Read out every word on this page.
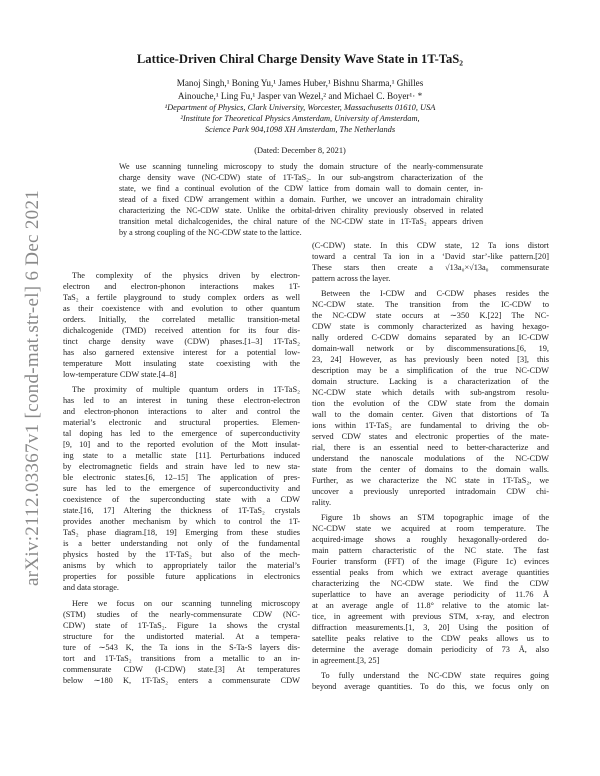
arXiv:2112.03367v1 [cond-mat.str-el] 6 Dec 2021
Lattice-Driven Chiral Charge Density Wave State in 1T-TaS₂
Manoj Singh,¹ Boning Yu,¹ James Huber,¹ Bishnu Sharma,¹ Ghilles
Ainouche,¹ Ling Fu,¹ Jasper van Wezel,² and Michael C. Boyer¹· *
¹Department of Physics, Clark University, Worcester, Massachusetts 01610, USA
²Institute for Theoretical Physics Amsterdam, University of Amsterdam,
Science Park 904,1098 XH Amsterdam, The Netherlands
(Dated: December 8, 2021)
We use scanning tunneling microscopy to study the domain structure of the nearly-commensurate
charge density wave (NC-CDW) state of 1T-TaS₂. In our sub-angstrom characterization of the
state, we find a continual evolution of the CDW lattice from domain wall to domain center, in-
stead of a fixed CDW arrangement within a domain. Further, we uncover an intradomain chirality
characterizing the NC-CDW state. Unlike the orbital-driven chirality previously observed in related
transition metal dichalcogenides, the chiral nature of the NC-CDW state in 1T-TaS₂ appears driven
by a strong coupling of the NC-CDW state to the lattice.
The complexity of the physics driven by electron-
electron and electron-phonon interactions makes 1T-
TaS₂ a fertile playground to study complex orders as well
as their coexistence with and evolution to other quantum
orders. Initially, the correlated metallic transition-metal
dichalcogenide (TMD) received attention for its four dis-
tinct charge density wave (CDW) phases.[1–3] 1T-TaS₂
has also garnered extensive interest for a potential low-
temperature Mott insulating state coexisting with the
low-temperature CDW state.[4–8]
The proximity of multiple quantum orders in 1T-TaS₂
has led to an interest in tuning these electron-electron
and electron-phonon interactions to alter and control the
material’s electronic and structural properties. Elemen-
tal doping has led to the emergence of superconductivity
[9, 10] and to the reported evolution of the Mott insulat-
ing state to a metallic state [11]. Perturbations induced
by electromagnetic fields and strain have led to new sta-
ble electronic states.[6, 12–15] The application of pres-
sure has led to the emergence of superconductivity and
coexistence of the superconducting state with a CDW
state.[16, 17] Altering the thickness of 1T-TaS₂ crystals
provides another mechanism by which to control the 1T-
TaS₂ phase diagram.[18, 19] Emerging from these studies
is a better understanding not only of the fundamental
physics hosted by the 1T-TaS₂ but also of the mech-
anisms by which to appropriately tailor the material’s
properties for possible future applications in electronics
and data storage.
Here we focus on our scanning tunneling microscopy
(STM) studies of the nearly-commensurate CDW (NC-
CDW) state of 1T-TaS₂. Figure 1a shows the crystal
structure for the undistorted material. At a tempera-
ture of ∼543 K, the Ta ions in the S-Ta-S layers dis-
tort and 1T-TaS₂ transitions from a metallic to an in-
commensurate CDW (I-CDW) state.[3] At temperatures
below ∼180 K, 1T-TaS₂ enters a commensurate CDW
(C-CDW) state. In this CDW state, 12 Ta ions distort
toward a central Ta ion in a ‘David star’-like pattern.[20]
These stars then create a √13a₀×√13a₀ commensurate
pattern across the layer.
Between the I-CDW and C-CDW phases resides the
NC-CDW state. The transition from the IC-CDW to
the NC-CDW state occurs at ∼350 K.[22] The NC-
CDW state is commonly characterized as having hexago-
nally ordered C-CDW domains separated by an IC-CDW
domain-wall network or by discommensurations.[6, 19,
23, 24] However, as has previously been noted [3], this
description may be a simplification of the true NC-CDW
domain structure. Lacking is a characterization of the
NC-CDW state which details with sub-angstrom resolu-
tion the evolution of the CDW state from the domain
wall to the domain center. Given that distortions of Ta
ions within 1T-TaS₂ are fundamental to driving the ob-
served CDW states and electronic properties of the mate-
rial, there is an essential need to better-characterize and
understand the nanoscale modulations of the NC-CDW
state from the center of domains to the domain walls.
Further, as we characterize the NC state in 1T-TaS₂, we
uncover a previously unreported intradomain CDW chi-
rality.
Figure 1b shows an STM topographic image of the
NC-CDW state we acquired at room temperature. The
acquired-image shows a roughly hexagonally-ordered do-
main pattern characteristic of the NC state. The fast
Fourier transform (FFT) of the image (Figure 1c) evinces
essential peaks from which we extract average quantities
characterizing the NC-CDW state. We find the CDW
superlattice to have an average periodicity of 11.76 Å
at an average angle of 11.8° relative to the atomic lat-
tice, in agreement with previous STM, x-ray, and electron
diffraction measurements.[1, 3, 20] Using the position of
satellite peaks relative to the CDW peaks allows us to
determine the average domain periodicity of 73 Å, also
in agreement.[3, 25]
To fully understand the NC-CDW state requires going
beyond average quantities. To do this, we focus only on
